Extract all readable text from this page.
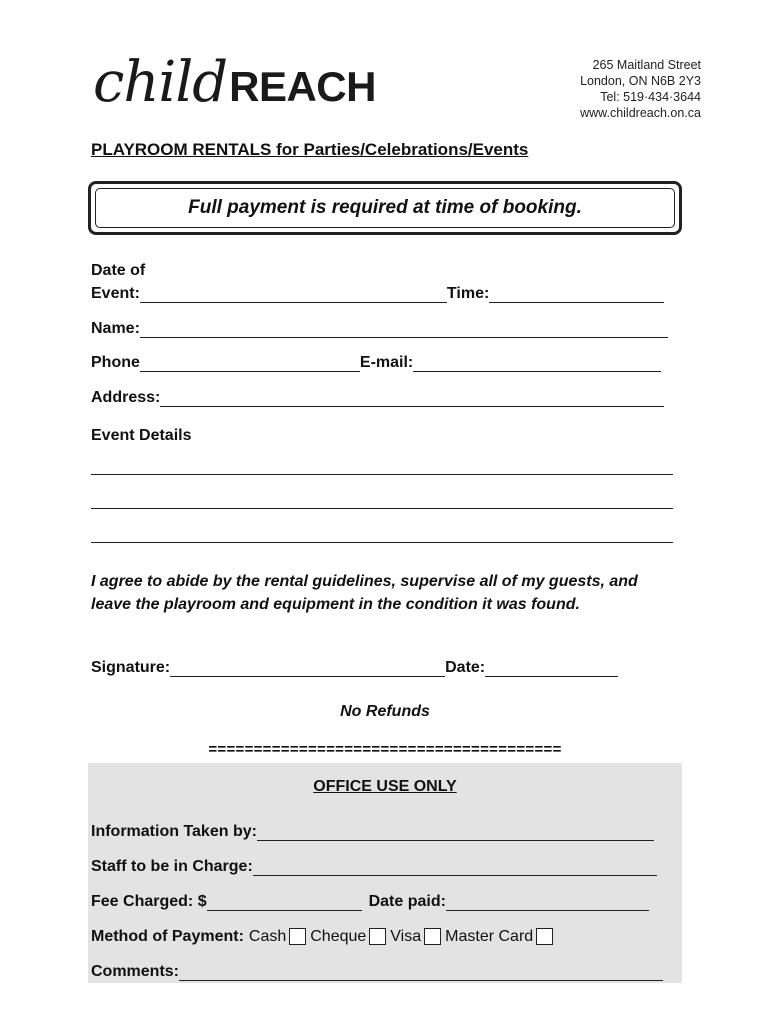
childREACH	265 Maitland Street
London, ON N6B 2Y3
Tel: 519·434·3644
www.childreach.on.ca
PLAYROOM RENTALS for Parties/Celebrations/Events
Full payment is required at time of booking.
Date of
Event:	Time:
Name:
Phone	E-mail:
Address:
Event Details
I agree to abide by the rental guidelines, supervise all of my guests, and leave the playroom and equipment in the condition it was found.
Signature:	Date:
No Refunds
=======================================
OFFICE USE ONLY
Information Taken by:
Staff to be in Charge:
Fee Charged: $	Date paid:
Method of Payment: Cash Cheque Visa Master Card
Comments:
